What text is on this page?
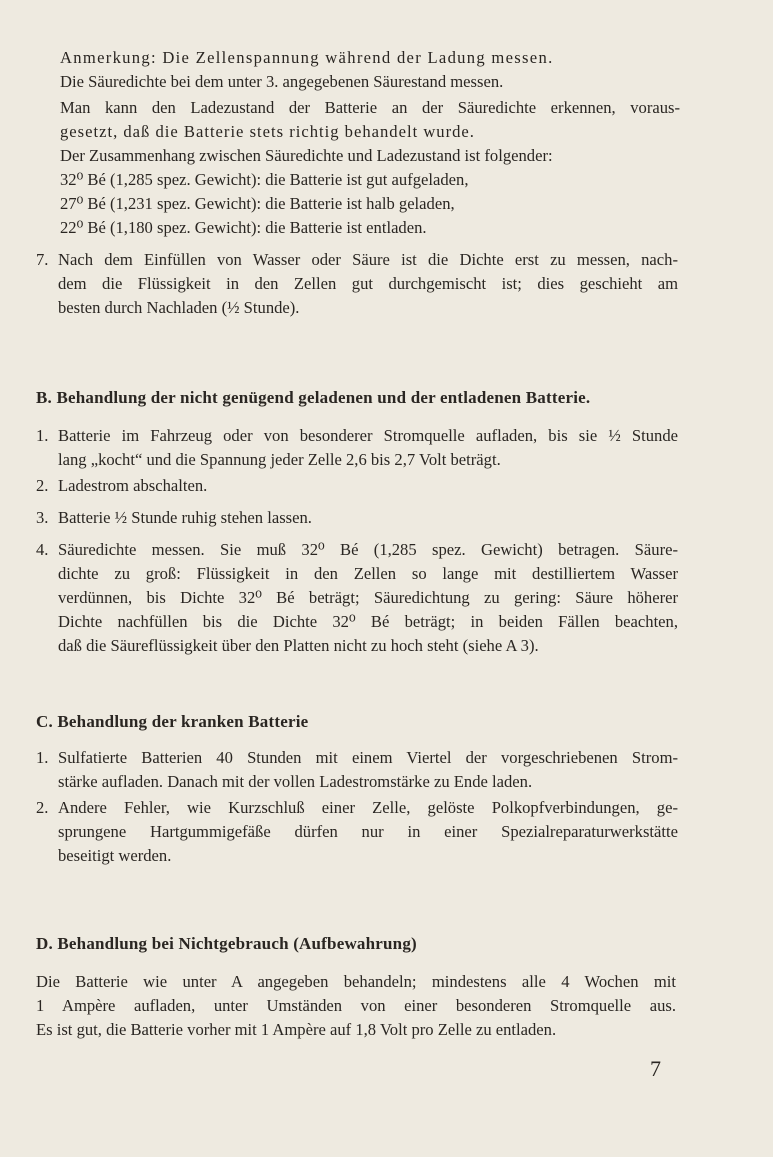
Anmerkung: Die Zellenspannung während der Ladung messen.
Die Säuredichte bei dem unter 3. angegebenen Säurestand messen.
Man kann den Ladezustand der Batterie an der Säuredichte erkennen, voraus-
gesetzt, daß die Batterie stets richtig behandelt wurde.
Der Zusammenhang zwischen Säuredichte und Ladezustand ist folgender:
32⁰ Bé (1,285 spez. Gewicht): die Batterie ist gut aufgeladen,
27⁰ Bé (1,231 spez. Gewicht): die Batterie ist halb geladen,
22⁰ Bé (1,180 spez. Gewicht): die Batterie ist entladen.
7. Nach dem Einfüllen von Wasser oder Säure ist die Dichte erst zu messen, nach-
dem die Flüssigkeit in den Zellen gut durchgemischt ist; dies geschieht am
besten durch Nachladen (½ Stunde).
B. Behandlung der nicht genügend geladenen und der entladenen Batterie.
1. Batterie im Fahrzeug oder von besonderer Stromquelle aufladen, bis sie ½ Stunde
lang „kocht“ und die Spannung jeder Zelle 2,6 bis 2,7 Volt beträgt.
2. Ladestrom abschalten.
3. Batterie ½ Stunde ruhig stehen lassen.
4. Säuredichte messen. Sie muß 32⁰ Bé (1,285 spez. Gewicht) betragen. Säure-
dichte zu groß: Flüssigkeit in den Zellen so lange mit destilliertem Wasser
verdünnen, bis Dichte 32⁰ Bé beträgt; Säuredichtung zu gering: Säure höherer
Dichte nachfüllen bis die Dichte 32⁰ Bé beträgt; in beiden Fällen beachten,
daß die Säureflüssigkeit über den Platten nicht zu hoch steht (siehe A 3).
C. Behandlung der kranken Batterie
1. Sulfatierte Batterien 40 Stunden mit einem Viertel der vorgeschriebenen Strom-
stärke aufladen. Danach mit der vollen Ladestromstärke zu Ende laden.
2. Andere Fehler, wie Kurzschluß einer Zelle, gelöste Polkopfverbindungen, ge-
sprungene Hartgummigefäße dürfen nur in einer Spezialreparaturwerkstätte
beseitigt werden.
D. Behandlung bei Nichtgebrauch (Aufbewahrung)
Die Batterie wie unter A angegeben behandeln; mindestens alle 4 Wochen mit
1 Ampère aufladen, unter Umständen von einer besonderen Stromquelle aus.
Es ist gut, die Batterie vorher mit 1 Ampère auf 1,8 Volt pro Zelle zu entladen.
7
